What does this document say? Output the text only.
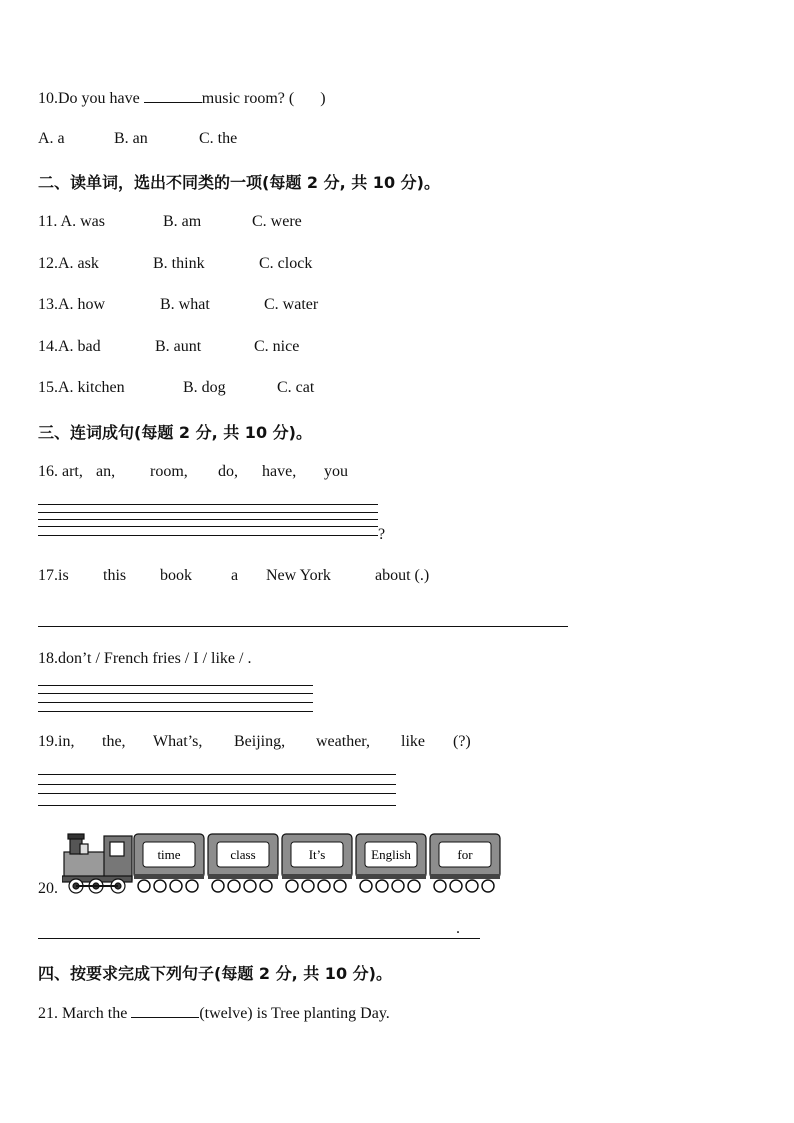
10.Do you have	music room? ( )
A. a	B. an	C. the
二、读单词，选出不同类的一项(每题 2 分, 共 10 分)。
11. A. was	B. am	C. were
12.A. ask	B. think	C. clock
13.A. how	B. what	C. water
14.A. bad	B. aunt	C. nice
15.A. kitchen	B. dog	C. cat
三、连词成句(每题 2 分, 共 10 分)。
16. art, an, room, do, have, you
?
17.is this book a New York	about (.)
18.don’t / French fries / I / like / .
19.in, the, What’s, Beijing, weather, like (?)
20.
time	class	It’s	English	for
.
四、按要求完成下列句子(每题 2 分, 共 10 分)。
21. March the	(twelve) is Tree planting Day.
